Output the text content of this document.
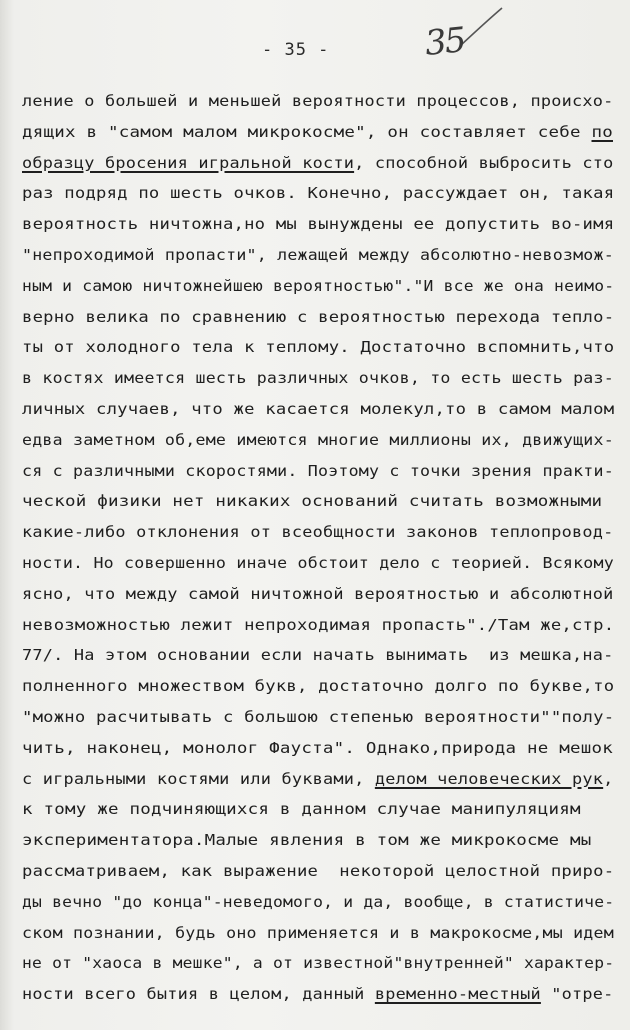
35
- 35 -
ление о большей и меньшей вероятности процессов, происхо-
дящих в "самом малом микрокосме", он составляет себе по
образцу бросения игральной кости, способной выбросить сто
раз подряд по шесть очков. Конечно, рассуждает он, такая
вероятность ничтожна,но мы вынуждены ее допустить во-имя
"непроходимой пропасти", лежащей между абсолютно-невозмож-
ным и самою ничтожнейшею вероятностью"."И все же она неимо-
верно велика по сравнению с вероятностью перехода тепло-
ты от холодного тела к теплому. Достаточно вспомнить,что
в костях имеется шесть различных очков, то есть шесть раз-
личных случаев, что же касается молекул,то в самом малом
едва заметном об,еме имеются многие миллионы их, движущих-
ся с различными скоростями. Поэтому с точки зрения практи-
ческой физики нет никаких оснований считать возможными
какие-либо отклонения от всеобщности законов теплопровод-
ности. Но совершенно иначе обстоит дело с теорией. Всякому
ясно, что между самой ничтожной вероятностью и абсолютной
невозможностью лежит непроходимая пропасть"./Там же,стр.
77/. На этом основании если начать вынимать  из мешка,на-
полненного множеством букв, достаточно долго по букве,то
"можно расчитывать с большою степенью вероятности""полу-
чить, наконец, монолог Фауста". Однако,природа не мешок
с игральными костями или буквами, делом человеческих рук,
к тому же подчиняющихся в данном случае манипуляциям
экспериментатора.Малые явления в том же микрокосме мы
рассматриваем, как выражение  некоторой целостной приро-
ды вечно "до конца"-неведомого, и да, вообще, в статистиче-
ском познании, будь оно применяется и в макрокосме,мы идем
не от "хаоса в мешке", а от известной"внутренней" характер-
ности всего бытия в целом, данный временно-местный "отре-
